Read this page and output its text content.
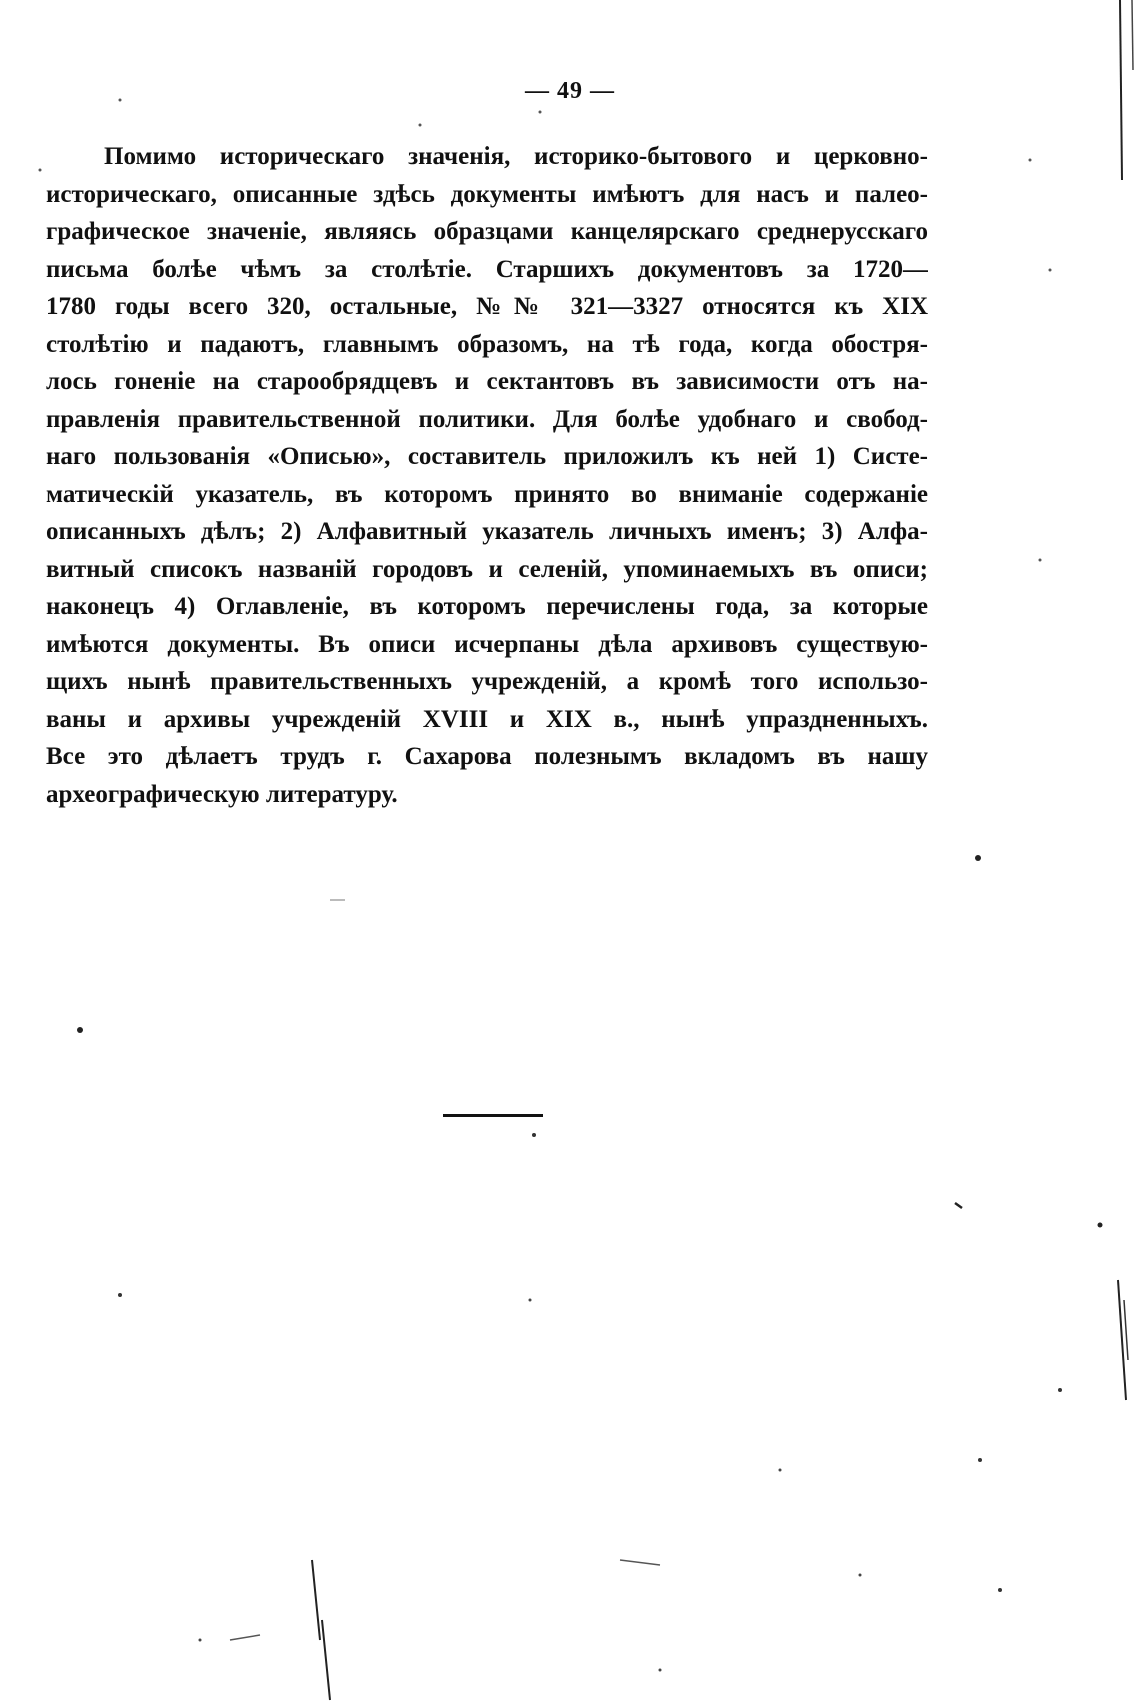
— 49 —
Помимо историческаго значенія, историко-бытового и церковно-
историческаго, описанные здѣсь документы имѣютъ для насъ и палео-
графическое значеніе, являясь образцами канцелярскаго среднерусскаго
письма болѣе чѣмъ за столѣтіе. Старшихъ документовъ за 1720—
1780 годы всего 320, остальные, №№ 321—3327 относятся къ XIX
столѣтію и падаютъ, главнымъ образомъ, на тѣ года, когда обостря-
лось гоненіе на старообрядцевъ и сектантовъ въ зависимости отъ на-
правленія правительственной политики. Для болѣе удобнаго и свобод-
наго пользованія «Описью», составитель приложилъ къ ней 1) Систе-
матическій указатель, въ которомъ принято во вниманіе содержаніе
описанныхъ дѣлъ; 2) Алфавитный указатель личныхъ именъ; 3) Алфа-
витный списокъ названій городовъ и селеній, упоминаемыхъ въ описи;
наконецъ 4) Оглавленіе, въ которомъ перечислены года, за которые
имѣются документы. Въ описи исчерпаны дѣла архивовъ существую-
щихъ нынѣ правительственныхъ учрежденій, а кромѣ того использо-
ваны и архивы учрежденій XVIII и XIX в., нынѣ упраздненныхъ.
Все это дѣлаетъ трудъ г. Сахарова полезнымъ вкладомъ въ нашу
археографическую литературу.
